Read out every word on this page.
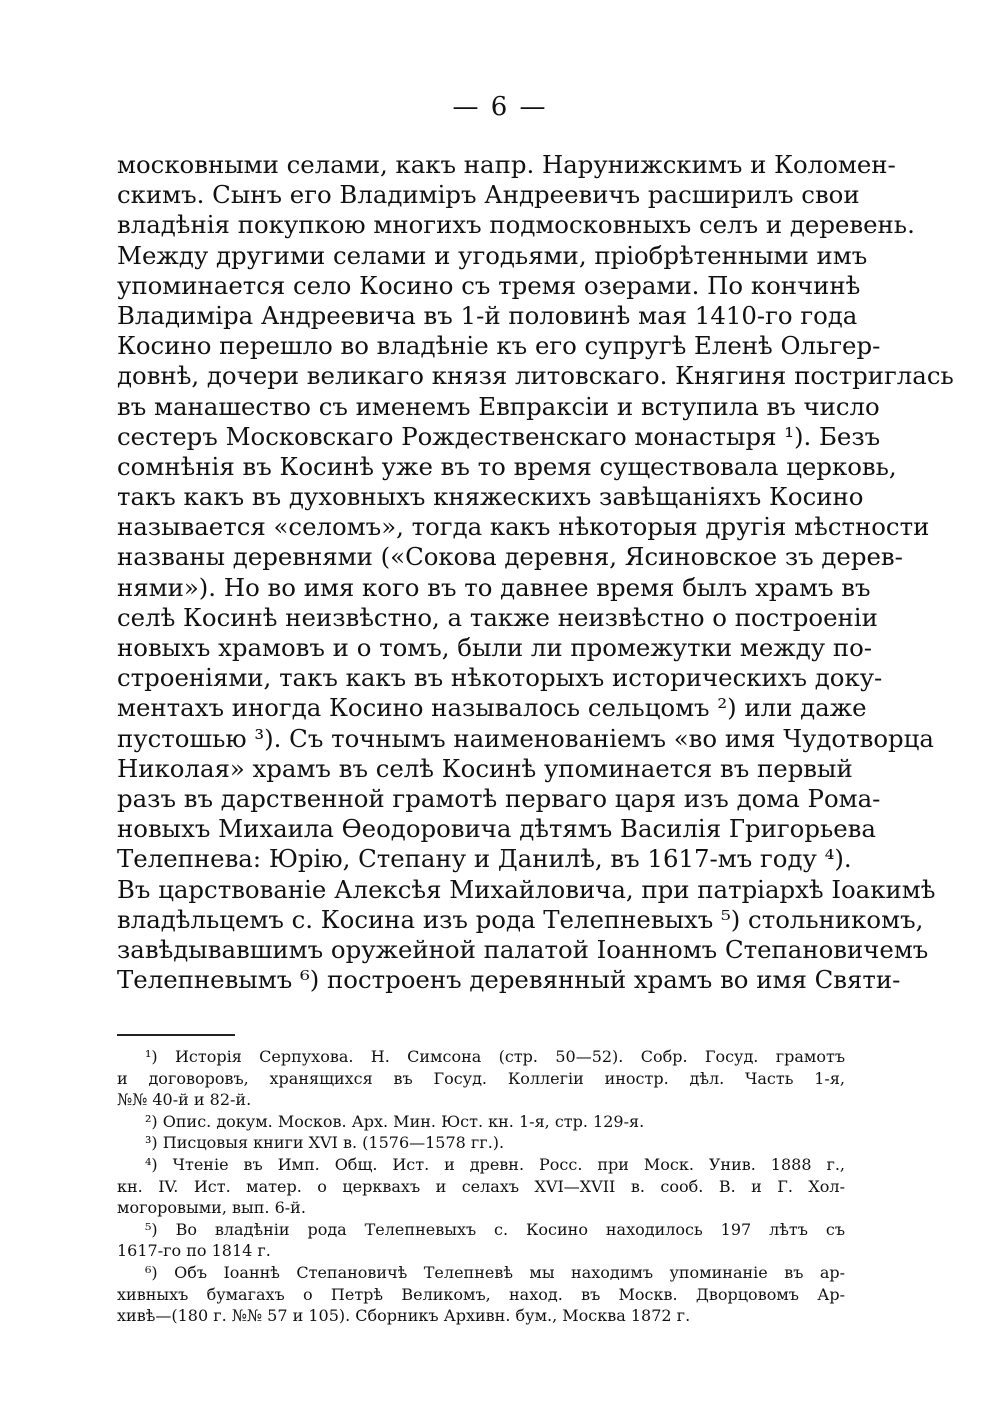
— 6 —
московными селами, какъ напр. Нарунижскимъ и Коломен-
скимъ. Сынъ его Владиміръ Андреевичъ расширилъ свои
владѣнія покупкою многихъ подмосковныхъ селъ и деревень.
Между другими селами и угодьями, пріобрѣтенными имъ
упоминается село Косино съ тремя озерами. По кончинѣ
Владиміра Андреевича въ 1-й половинѣ мая 1410-го года
Косино перешло во владѣніе къ его супругѣ Еленѣ Ольгер-
довнѣ, дочери великаго князя литовскаго. Княгиня постриглась
въ манашество съ именемъ Евпраксіи и вступила въ число
сестеръ Московскаго Рождественскаго монастыря ¹). Безъ
сомнѣнія въ Косинѣ уже въ то время существовала церковь,
такъ какъ въ духовныхъ княжескихъ завѣщаніяхъ Косино
называется «селомъ», тогда какъ нѣкоторыя другія мѣстности
названы деревнями («Сокова деревня, Ясиновское зъ дерев-
нями»). Но во имя кого въ то давнее время былъ храмъ въ
селѣ Косинѣ неизвѣстно, а также неизвѣстно о построеніи
новыхъ храмовъ и о томъ, были ли промежутки между по-
строеніями, такъ какъ въ нѣкоторыхъ историческихъ доку-
ментахъ иногда Косино называлось сельцомъ ²) или даже
пустошью ³). Съ точнымъ наименованіемъ «во имя Чудотворца
Николая» храмъ въ селѣ Косинѣ упоминается въ первый
разъ въ дарственной грамотѣ перваго царя изъ дома Рома-
новыхъ Михаила Өеодоровича дѣтямъ Василія Григорьева
Телепнева: Юрію, Степану и Данилѣ, въ 1617-мъ году ⁴).
Въ царствованіе Алексѣя Михайловича, при патріархѣ Іоакимѣ
владѣльцемъ с. Косина изъ рода Телепневыхъ ⁵) стольникомъ,
завѣдывавшимъ оружейной палатой Іоанномъ Степановичемъ
Телепневымъ ⁶) построенъ деревянный храмъ во имя Святи-
¹) Исторія Серпухова. Н. Симсона (стр. 50—52). Собр. Госуд. грамотъ
и договоровъ, хранящихся въ Госуд. Коллегіи иностр. дѣл. Часть 1-я,
№№ 40-й и 82-й.
²) Опис. докум. Москов. Арх. Мин. Юст. кн. 1-я, стр. 129-я.
³) Писцовыя книги XVI в. (1576—1578 гг.).
⁴) Чтеніе въ Имп. Общ. Ист. и древн. Росс. при Моск. Унив. 1888 г.,
кн. IV. Ист. матер. о церквахъ и селахъ XVI—XVII в. сооб. В. и Г. Хол-
могоровыми, вып. 6-й.
⁵) Во владѣніи рода Телепневыхъ с. Косино находилось 197 лѣтъ съ
1617-го по 1814 г.
⁶) Объ Іоаннѣ Степановичѣ Телепневѣ мы находимъ упоминаніе въ ар-
хивныхъ бумагахъ о Петрѣ Великомъ, наход. въ Москв. Дворцовомъ Ар-
хивѣ—(180 г. №№ 57 и 105). Сборникъ Архивн. бум., Москва 1872 г.
